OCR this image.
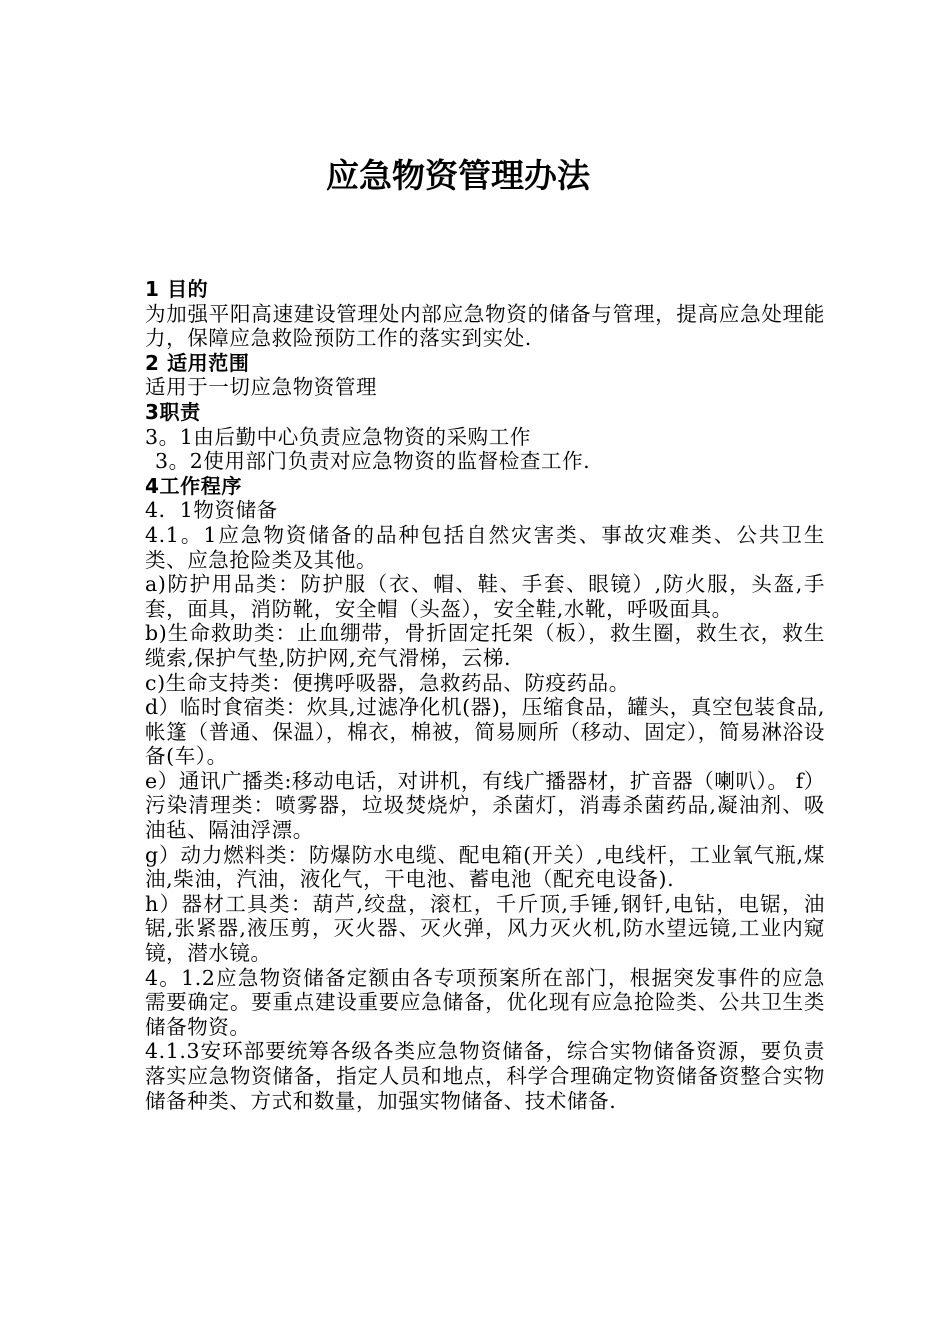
应急物资管理办法
1 目的

为加强平阳高速建设管理处内部应急物资的储备与管理，提高应急处理能力，保障应急救险预防工作的落实到实处.

2 适用范围

适用于一切应急物资管理

3职责

3。1由后勤中心负责应急物资的采购工作

3。2使用部门负责对应急物资的监督检查工作.

4工作程序

4．1物资储备

4.1。1应急物资储备的品种包括自然灾害类、事故灾难类、公共卫生类、应急抢险类及其他。

a)防护用品类：防护服（衣、帽、鞋、手套、眼镜）,防火服，头盔,手套，面具，消防靴，安全帽（头盔），安全鞋,水靴，呼吸面具。

b)生命救助类：止血绷带，骨折固定托架（板），救生圈，救生衣，救生缆索,保护气垫,防护网,充气滑梯，云梯.

c)生命支持类：便携呼吸器，急救药品、防疫药品。

d）临时食宿类：炊具,过滤净化机(器)，压缩食品，罐头，真空包装食品,帐篷（普通、保温），棉衣，棉被，简易厕所（移动、固定），简易淋浴设备(车）。

e）通讯广播类:移动电话，对讲机，有线广播器材，扩音器（喇叭）。 f）污染清理类：喷雾器，垃圾焚烧炉，杀菌灯，消毒杀菌药品,凝油剂、吸油毡、隔油浮漂。

g）动力燃料类：防爆防水电缆、配电箱(开关）,电线杆，工业氧气瓶,煤油,柴油，汽油，液化气，干电池、蓄电池（配充电设备).

h）器材工具类：葫芦,绞盘，滚杠，千斤顶,手锤,钢钎,电钻，电锯，油锯,张紧器,液压剪，灭火器、灭火弹，风力灭火机,防水望远镜,工业内窥镜，潜水镜。

4。1.2应急物资储备定额由各专项预案所在部门，根据突发事件的应急需要确定。要重点建设重要应急储备，优化现有应急抢险类、公共卫生类储备物资。

4.1.3安环部要统筹各级各类应急物资储备，综合实物储备资源，要负责落实应急物资储备，指定人员和地点，科学合理确定物资储备资整合实物储备种类、方式和数量，加强实物储备、技术储备.
